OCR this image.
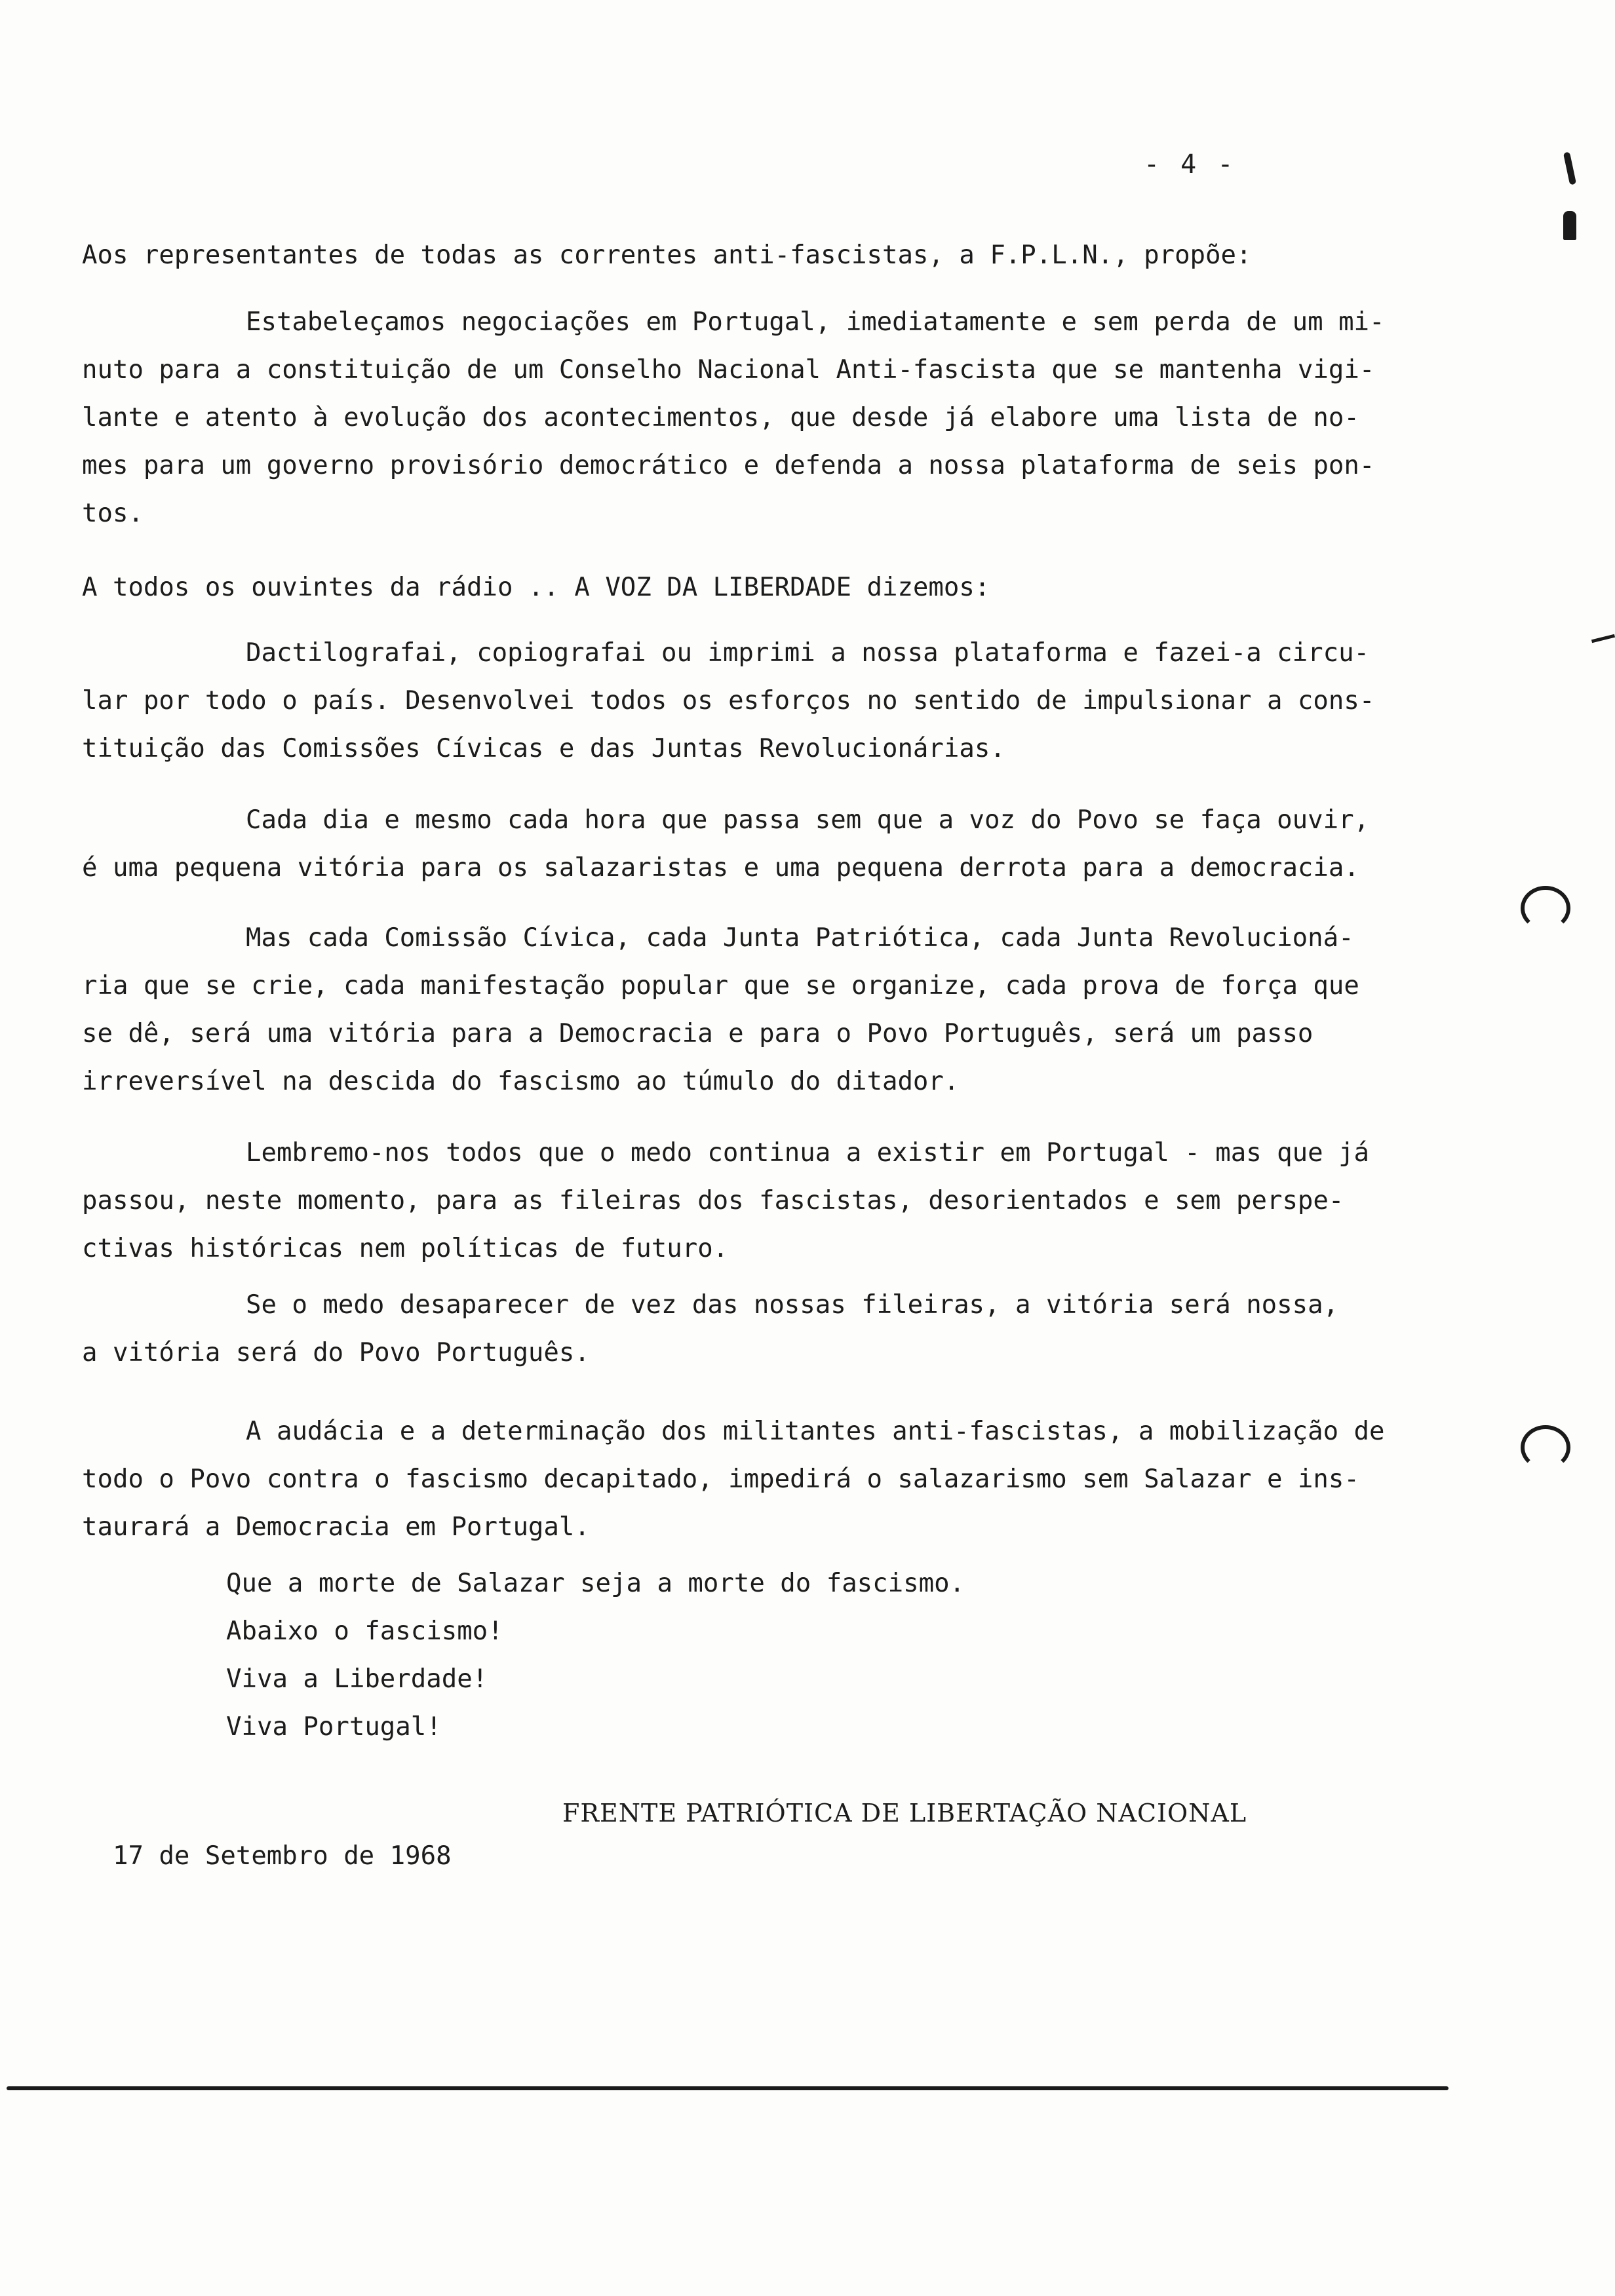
- 4 -
Aos representantes de todas as correntes anti-fascistas, a F.P.L.N., propõe:
Estabeleçamos negociações em Portugal, imediatamente e sem perda de um mi-
nuto para a constituição de um Conselho Nacional Anti-fascista que se mantenha vigi-
lante e atento à evolução dos acontecimentos, que desde já elabore uma lista de no-
mes para um governo provisório democrático e defenda a nossa plataforma de seis pon-
tos.
A todos os ouvintes da rádio .. A VOZ DA LIBERDADE dizemos:
Dactilografai, copiografai ou imprimi a nossa plataforma e fazei-a circu-
lar por todo o país. Desenvolvei todos os esforços no sentido de impulsionar a cons-
tituição das Comissões Cívicas e das Juntas Revolucionárias.
Cada dia e mesmo cada hora que passa sem que a voz do Povo se faça ouvir,
é uma pequena vitória para os salazaristas e uma pequena derrota para a democracia.
Mas cada Comissão Cívica, cada Junta Patriótica, cada Junta Revolucioná-
ria que se crie, cada manifestação popular que se organize, cada prova de força que
se dê, será uma vitória para a Democracia e para o Povo Português, será um passo
irreversível na descida do fascismo ao túmulo do ditador.
Lembremo-nos todos que o medo continua a existir em Portugal - mas que já
passou, neste momento, para as fileiras dos fascistas, desorientados e sem perspe-
ctivas históricas nem políticas de futuro.
Se o medo desaparecer de vez das nossas fileiras, a vitória será nossa,
a vitória será do Povo Português.
A audácia e a determinação dos militantes anti-fascistas, a mobilização de
todo o Povo contra o fascismo decapitado, impedirá o salazarismo sem Salazar e ins-
taurará a Democracia em Portugal.
Que a morte de Salazar seja a morte do fascismo.
Abaixo o fascismo!
Viva a Liberdade!
Viva Portugal!
FRENTE PATRIÓTICA DE LIBERTAÇÃO NACIONAL
17 de Setembro de 1968
